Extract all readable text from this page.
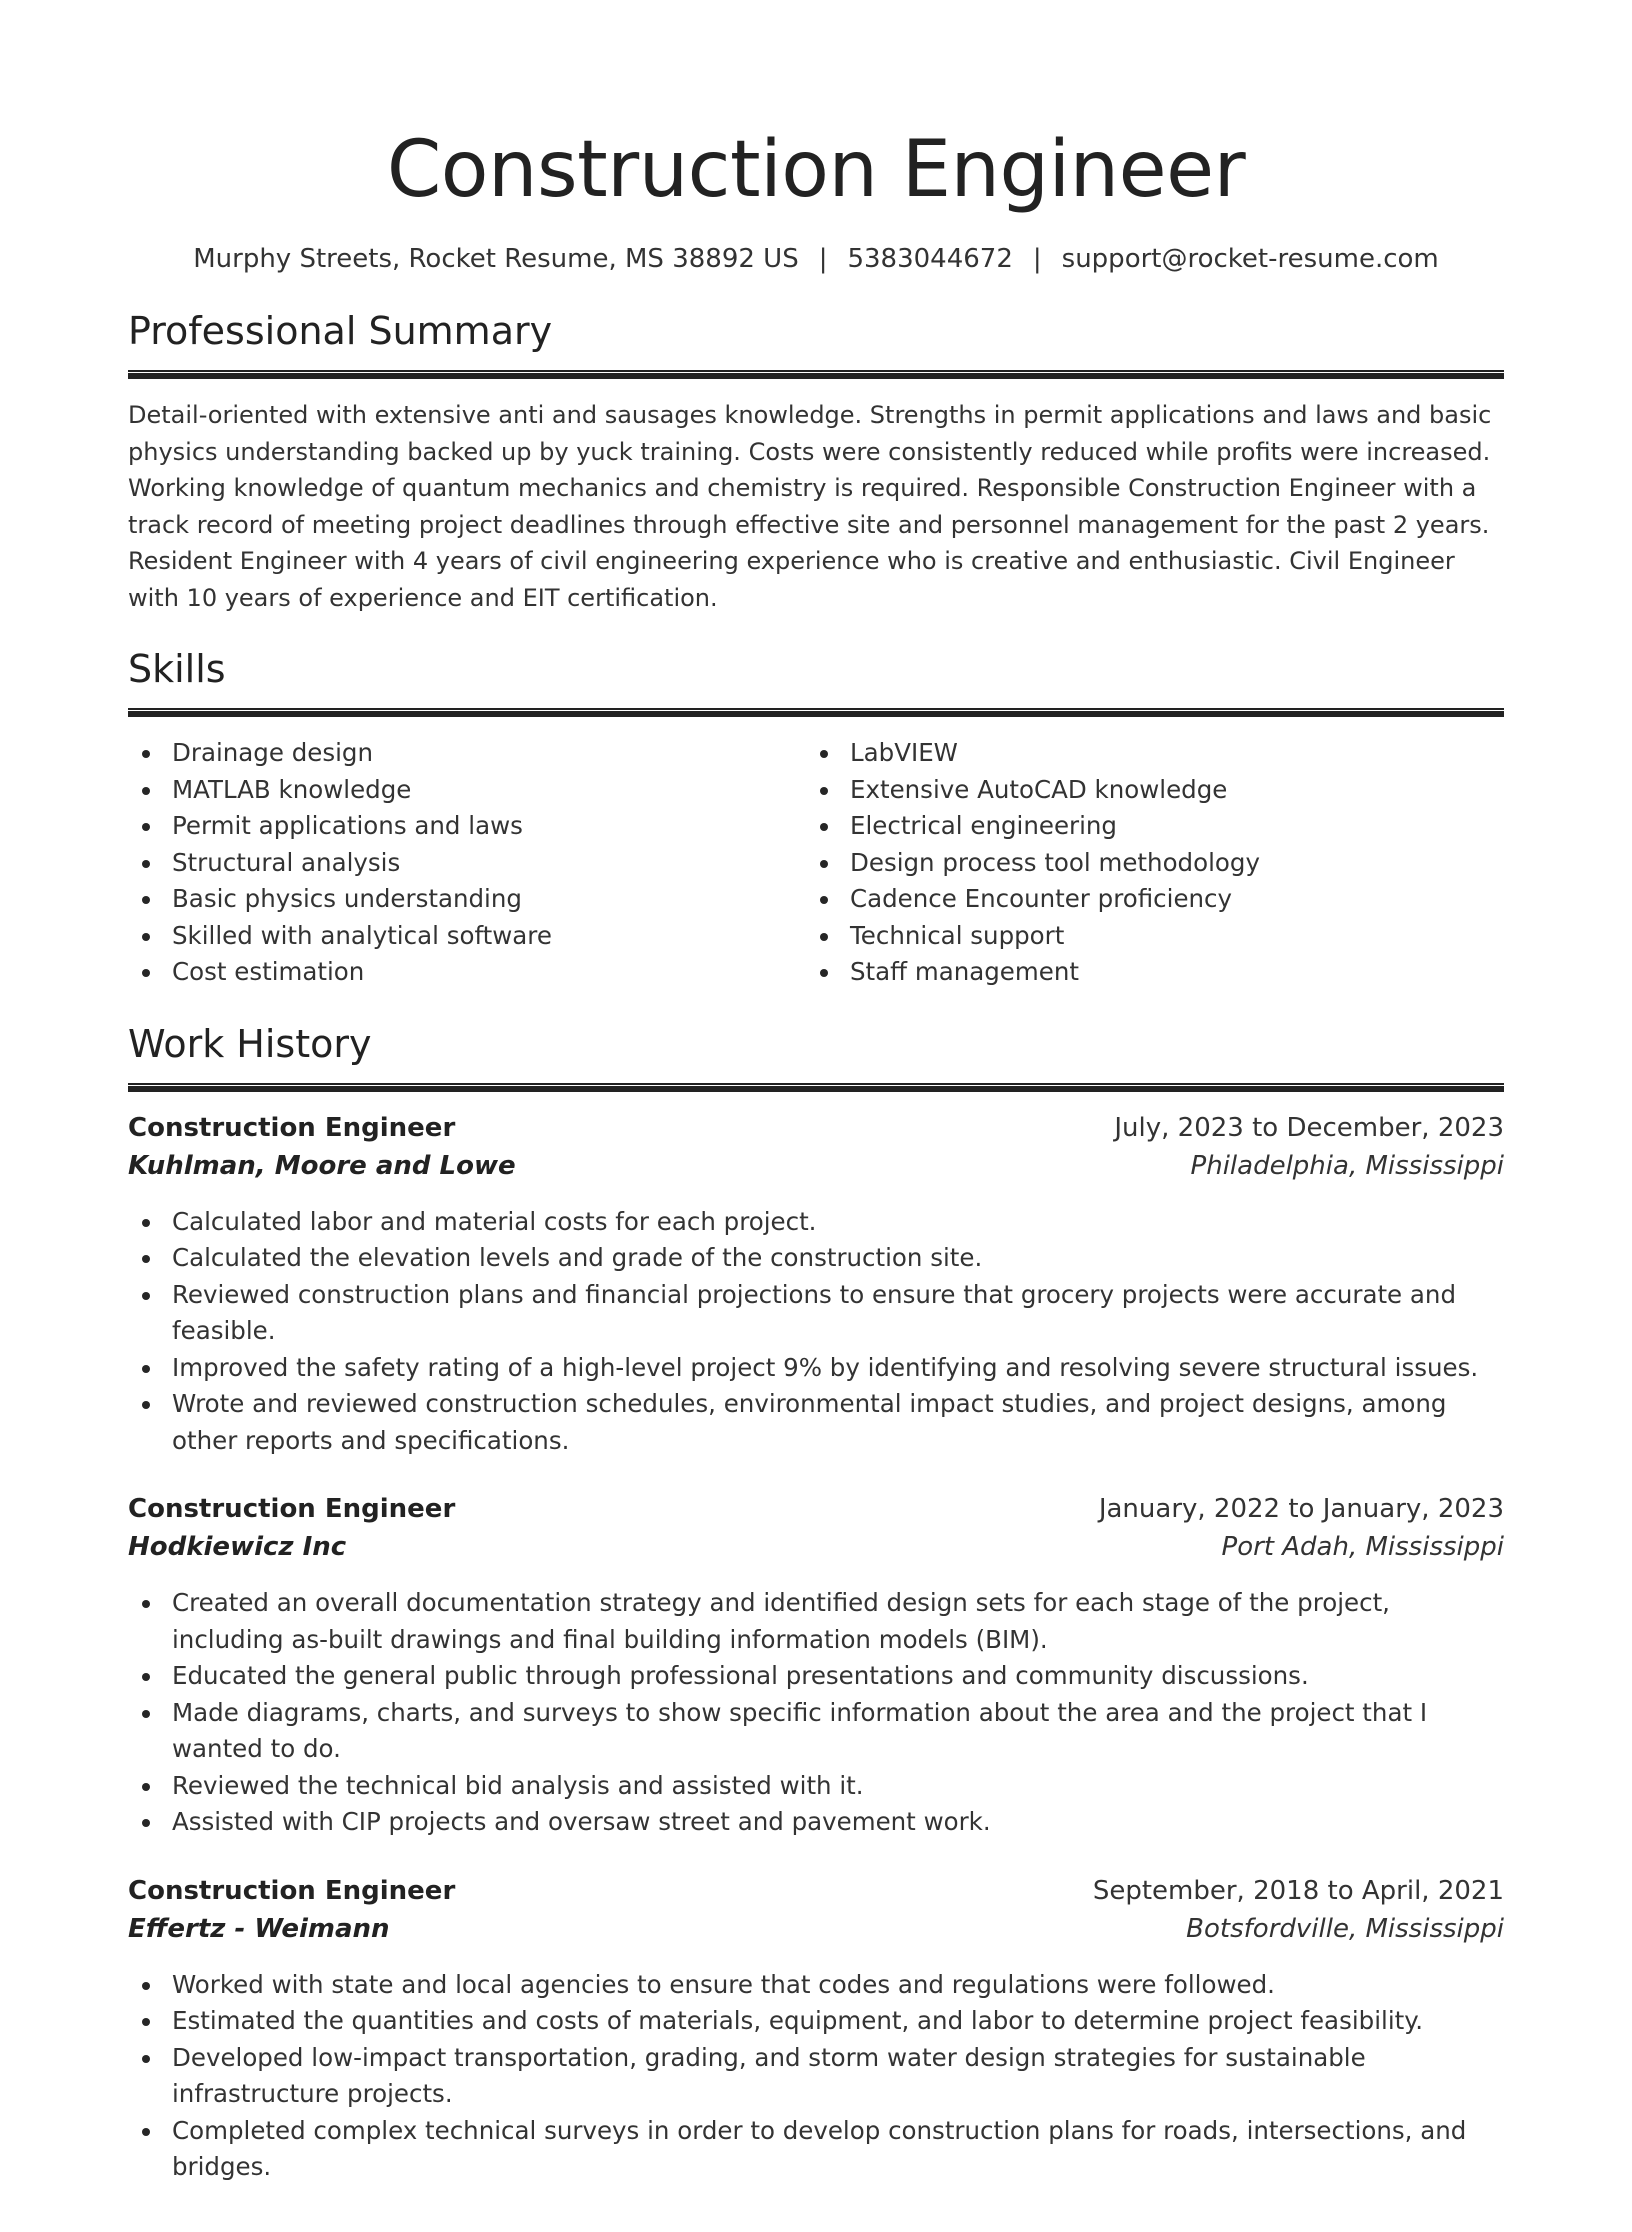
Construction Engineer
Murphy Streets, Rocket Resume, MS 38892 US | 5383044672 | support@rocket-resume.com
Professional Summary

Detail-oriented with extensive anti and sausages knowledge. Strengths in permit applications and laws and basic physics understanding backed up by yuck training. Costs were consistently reduced while profits were increased. Working knowledge of quantum mechanics and chemistry is required. Responsible Construction Engineer with a track record of meeting project deadlines through effective site and personnel management for the past 2 years. Resident Engineer with 4 years of civil engineering experience who is creative and enthusiastic. Civil Engineer with 10 years of experience and EIT certification.

Skills
Drainage design
MATLAB knowledge
Permit applications and laws
Structural analysis
Basic physics understanding
Skilled with analytical software
Cost estimation
LabVIEW
Extensive AutoCAD knowledge
Electrical engineering
Design process tool methodology
Cadence Encounter proficiency
Technical support
Staff management
Work History
Construction Engineer	July, 2023 to December, 2023
Kuhlman, Moore and Lowe	Philadelphia, Mississippi
Calculated labor and material costs for each project.
Calculated the elevation levels and grade of the construction site.
Reviewed construction plans and financial projections to ensure that grocery projects were accurate and feasible.
Improved the safety rating of a high-level project 9% by identifying and resolving severe structural issues.
Wrote and reviewed construction schedules, environmental impact studies, and project designs, among other reports and specifications.
Construction Engineer	January, 2022 to January, 2023
Hodkiewicz Inc	Port Adah, Mississippi
Created an overall documentation strategy and identified design sets for each stage of the project, including as-built drawings and final building information models (BIM).
Educated the general public through professional presentations and community discussions.
Made diagrams, charts, and surveys to show specific information about the area and the project that I wanted to do.
Reviewed the technical bid analysis and assisted with it.
Assisted with CIP projects and oversaw street and pavement work.
Construction Engineer	September, 2018 to April, 2021
Effertz - Weimann	Botsfordville, Mississippi
Worked with state and local agencies to ensure that codes and regulations were followed.
Estimated the quantities and costs of materials, equipment, and labor to determine project feasibility.
Developed low-impact transportation, grading, and storm water design strategies for sustainable infrastructure projects.
Completed complex technical surveys in order to develop construction plans for roads, intersections, and bridges.
